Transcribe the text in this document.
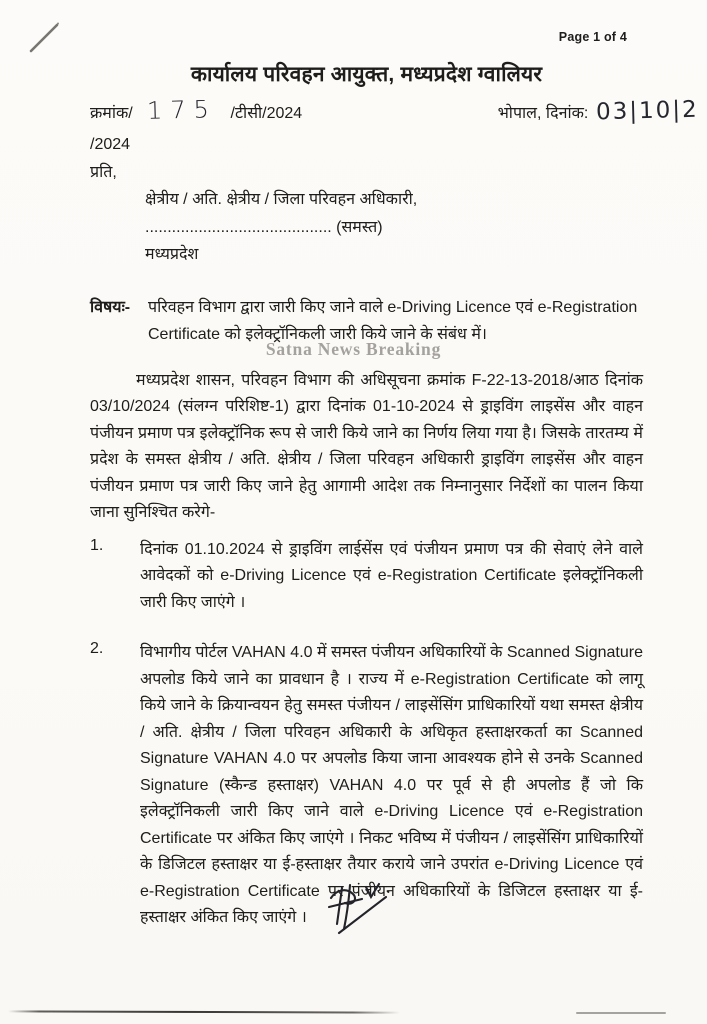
Satna News Breaking
Page 1 of 4
कार्यालय परिवहन आयुक्त, मध्यप्रदेश ग्वालियर
क्रमांक/ 175 /टीसी/2024	भोपाल, दिनांक: 03|10|2
/2024
प्रति,
क्षेत्रीय / अति. क्षेत्रीय / जिला परिवहन अधिकारी,
.......................................... (समस्त)
मध्यप्रदेश
विषयः-	परिवहन विभाग द्वारा जारी किए जाने वाले e-Driving Licence एवं e-Registration Certificate को इलेक्ट्रॉनिकली जारी किये जाने के संबंध में।

मध्यप्रदेश शासन, परिवहन विभाग की अधिसूचना क्रमांक F-22-13-2018/आठ दिनांक 03/10/2024 (संलग्न परिशिष्ट-1) द्वारा दिनांक 01-10-2024 से ड्राइविंग लाइसेंस और वाहन पंजीयन प्रमाण पत्र इलेक्ट्रॉनिक रूप से जारी किये जाने का निर्णय लिया गया है। जिसके तारतम्य में प्रदेश के समस्त क्षेत्रीय / अति. क्षेत्रीय / जिला परिवहन अधिकारी ड्राइविंग लाइसेंस और वाहन पंजीयन प्रमाण पत्र जारी किए जाने हेतु आगामी आदेश तक निम्नानुसार निर्देशों का पालन किया जाना सुनिश्चित करेगे-

1.	दिनांक 01.10.2024 से ड्राइविंग लाईसेंस एवं पंजीयन प्रमाण पत्र की सेवाएं लेने वाले आवेदकों को e-Driving Licence एवं e-Registration Certificate इलेक्ट्रॉनिकली जारी किए जाएंगे ।
2.	विभागीय पोर्टल VAHAN 4.0 में समस्त पंजीयन अधिकारियों के Scanned Signature अपलोड किये जाने का प्रावधान है । राज्य में e-Registration Certificate को लागू किये जाने के क्रियान्वयन हेतु समस्त पंजीयन / लाइसेंसिंग प्राधिकारियों यथा समस्त क्षेत्रीय / अति. क्षेत्रीय / जिला परिवहन अधिकारी के अधिकृत हस्ताक्षरकर्ता का Scanned Signature VAHAN 4.0 पर अपलोड किया जाना आवश्यक होने से उनके Scanned Signature (स्कैन्ड हस्ताक्षर) VAHAN 4.0 पर पूर्व से ही अपलोड हैं जो कि इलेक्ट्रॉनिकली जारी किए जाने वाले e-Driving Licence एवं e-Registration Certificate पर अंकित किए जाएंगे । निकट भविष्य में पंजीयन / लाइसेंसिंग प्राधिकारियों के डिजिटल हस्ताक्षर या ई-हस्ताक्षर तैयार कराये जाने उपरांत e-Driving Licence एवं e-Registration Certificate पर पंजीयन अधिकारियों के डिजिटल हस्ताक्षर या ई-हस्ताक्षर अंकित किए जाएंगे ।
